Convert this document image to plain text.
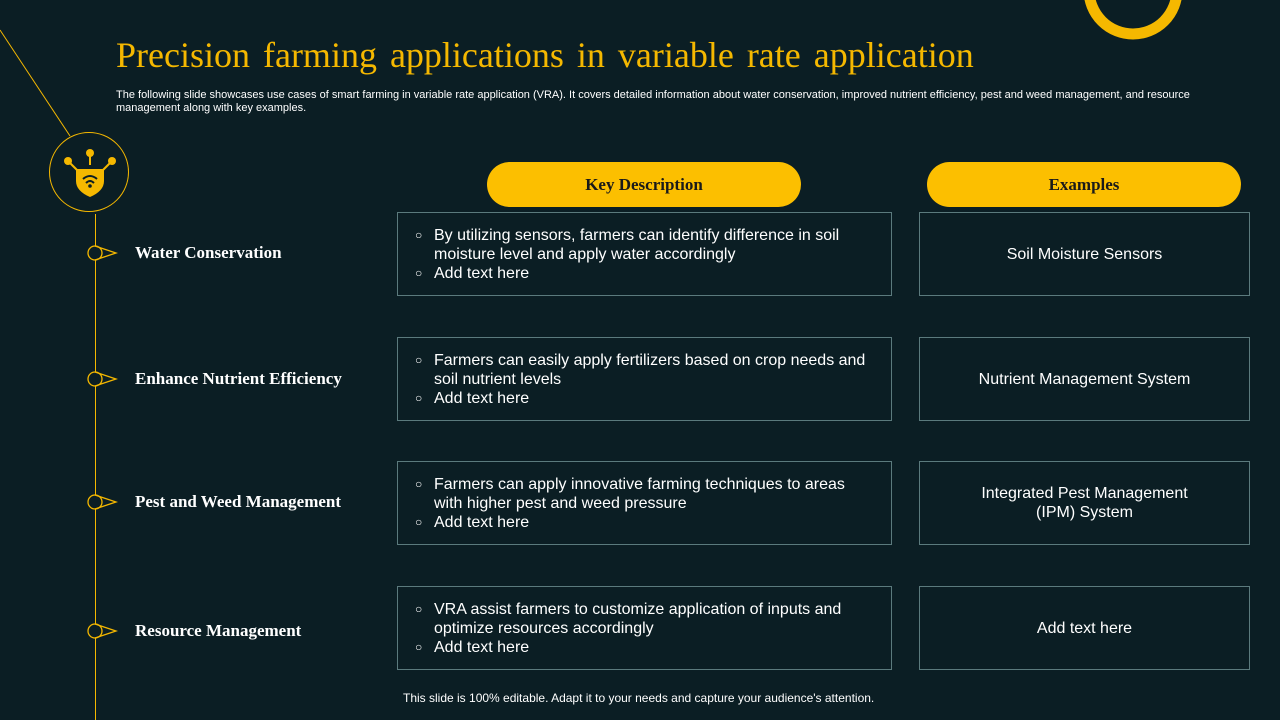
Precision farming applications in variable rate application
The following slide showcases use cases of smart farming in variable rate application (VRA). It covers detailed information about water conservation, improved nutrient efficiency, pest and weed management, and resource management along with key examples.
Key Description	Examples
Water Conservation
○ By utilizing sensors, farmers can identify difference in soil moisture level and apply water accordingly
○ Add text here
Soil Moisture Sensors
Enhance Nutrient Efficiency
○ Farmers can easily apply fertilizers based on crop needs and soil nutrient levels
○ Add text here
Nutrient Management System
Pest and Weed Management
○ Farmers can apply innovative farming techniques to areas with higher pest and weed pressure
○ Add text here
Integrated Pest Management (IPM) System
Resource Management
○ VRA assist farmers to customize application of inputs and optimize resources accordingly
○ Add text here
Add text here
This slide is 100% editable. Adapt it to your needs and capture your audience's attention.
